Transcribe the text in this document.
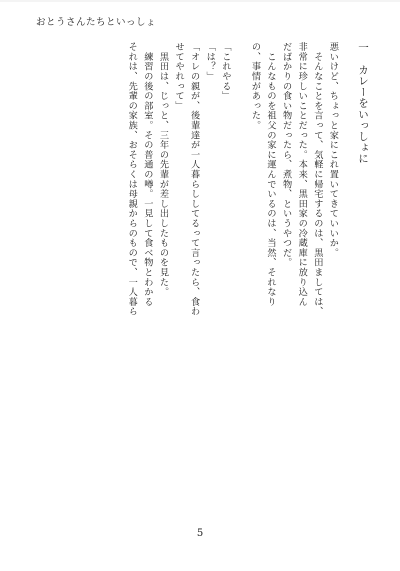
おとうさんたちといっしょ

一　カレーをいっしょに

悪いけど、ちょっと家にこれ置いてきていいか。

　そんなことを言って、気軽に帰宅するのは、黒田ましては、

非常に珍しいことだった。本来、黒田家の冷蔵庫に放り込ん

だばかりの食い物だったら、煮物、というやつだ。

　こんなものを祖父の家に運んでいるのは、当然、それなり

の、事情があった。

「これやる」

「は？」

「オレの親が、後輩達が一人暮らししてるって言ったら、食わ

せてやれって」

　黒田は、じっと、三年の先輩が差し出したものを見た。

　練習の後の部室。その普通の噂。一見して食べ物とわかる

それは、先輩の家族、おそらくは母親からのもので、一人暮ら

5
